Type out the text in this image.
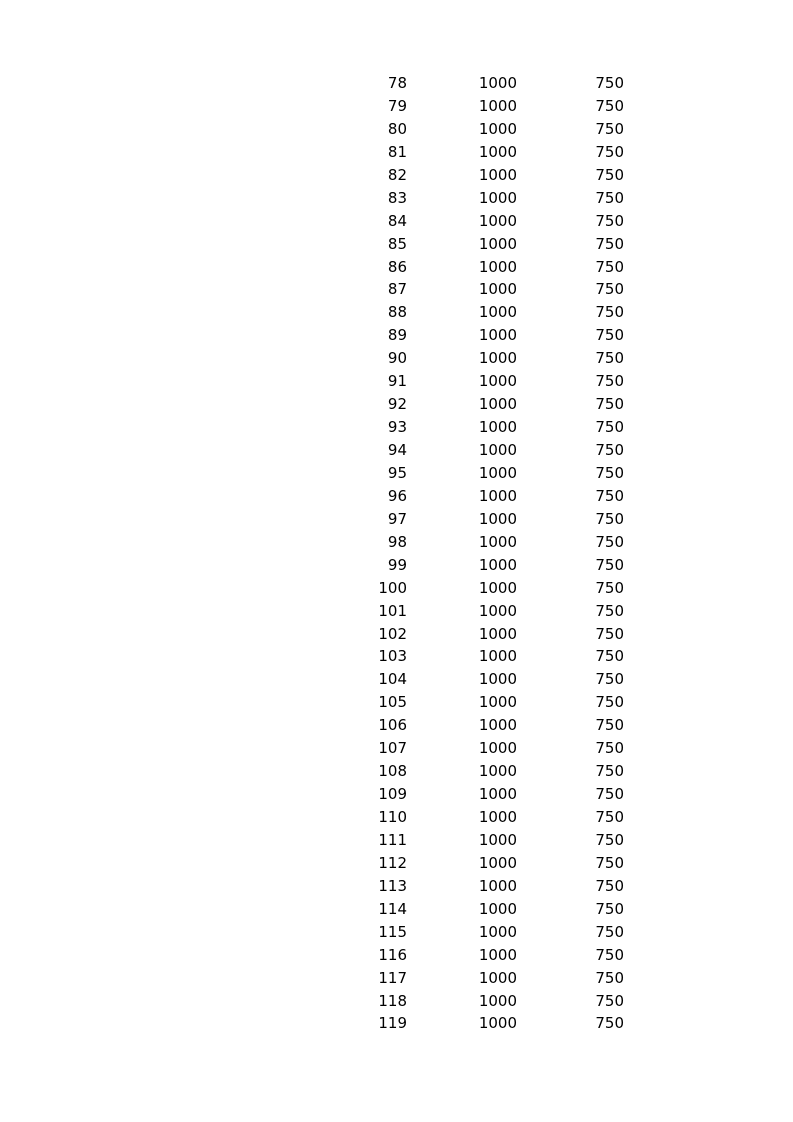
78	1000	750
79	1000	750
80	1000	750
81	1000	750
82	1000	750
83	1000	750
84	1000	750
85	1000	750
86	1000	750
87	1000	750
88	1000	750
89	1000	750
90	1000	750
91	1000	750
92	1000	750
93	1000	750
94	1000	750
95	1000	750
96	1000	750
97	1000	750
98	1000	750
99	1000	750
100	1000	750
101	1000	750
102	1000	750
103	1000	750
104	1000	750
105	1000	750
106	1000	750
107	1000	750
108	1000	750
109	1000	750
110	1000	750
111	1000	750
112	1000	750
113	1000	750
114	1000	750
115	1000	750
116	1000	750
117	1000	750
118	1000	750
119	1000	750
